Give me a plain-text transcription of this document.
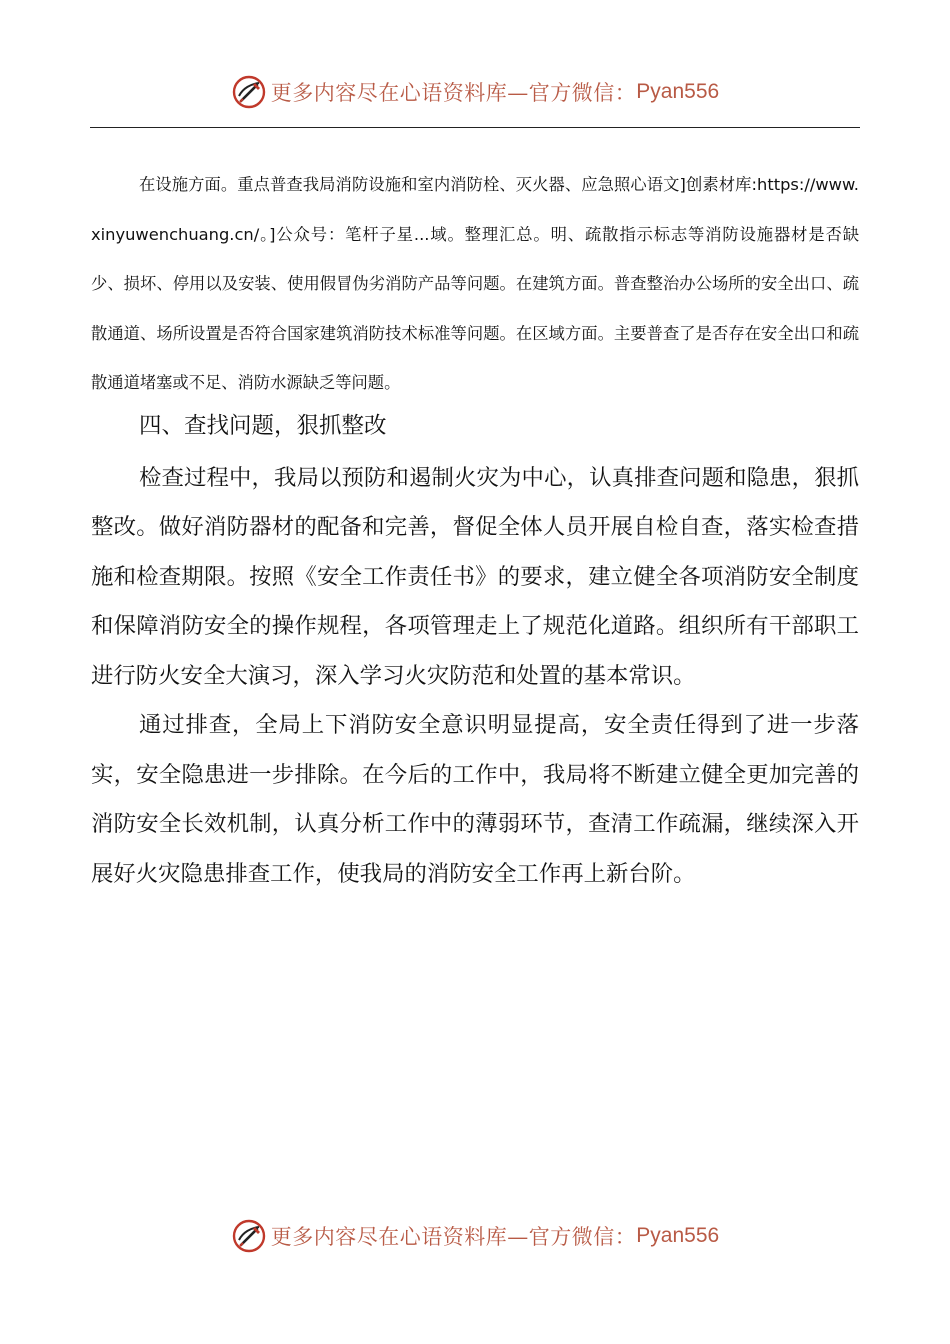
更多内容尽在心语资料库—官方微信： Pyan556

在设施方面。重点普查我局消防设施和室内消防栓、灭火器、应急照心语文]创素材库:https://www.xinyuwenchuang.cn/。]公众号：笔杆子星...域。整理汇总。明、疏散指示标志等消防设施器材是否缺少、损坏、停用以及安装、使用假冒伪劣消防产品等问题。在建筑方面。普查整治办公场所的安全出口、疏散通道、场所设置是否符合国家建筑消防技术标准等问题。在区域方面。主要普查了是否存在安全出口和疏散通道堵塞或不足、消防水源缺乏等问题。

四、查找问题，狠抓整改

检查过程中，我局以预防和遏制火灾为中心，认真排查问题和隐患，狠抓整改。做好消防器材的配备和完善，督促全体人员开展自检自查，落实检查措施和检查期限。按照《安全工作责任书》的要求，建立健全各项消防安全制度和保障消防安全的操作规程，各项管理走上了规范化道路。组织所有干部职工进行防火安全大演习，深入学习火灾防范和处置的基本常识。

通过排查，全局上下消防安全意识明显提高，安全责任得到了进一步落实，安全隐患进一步排除。在今后的工作中，我局将不断建立健全更加完善的消防安全长效机制，认真分析工作中的薄弱环节，查清工作疏漏，继续深入开展好火灾隐患排查工作，使我局的消防安全工作再上新台阶。

更多内容尽在心语资料库—官方微信： Pyan556
